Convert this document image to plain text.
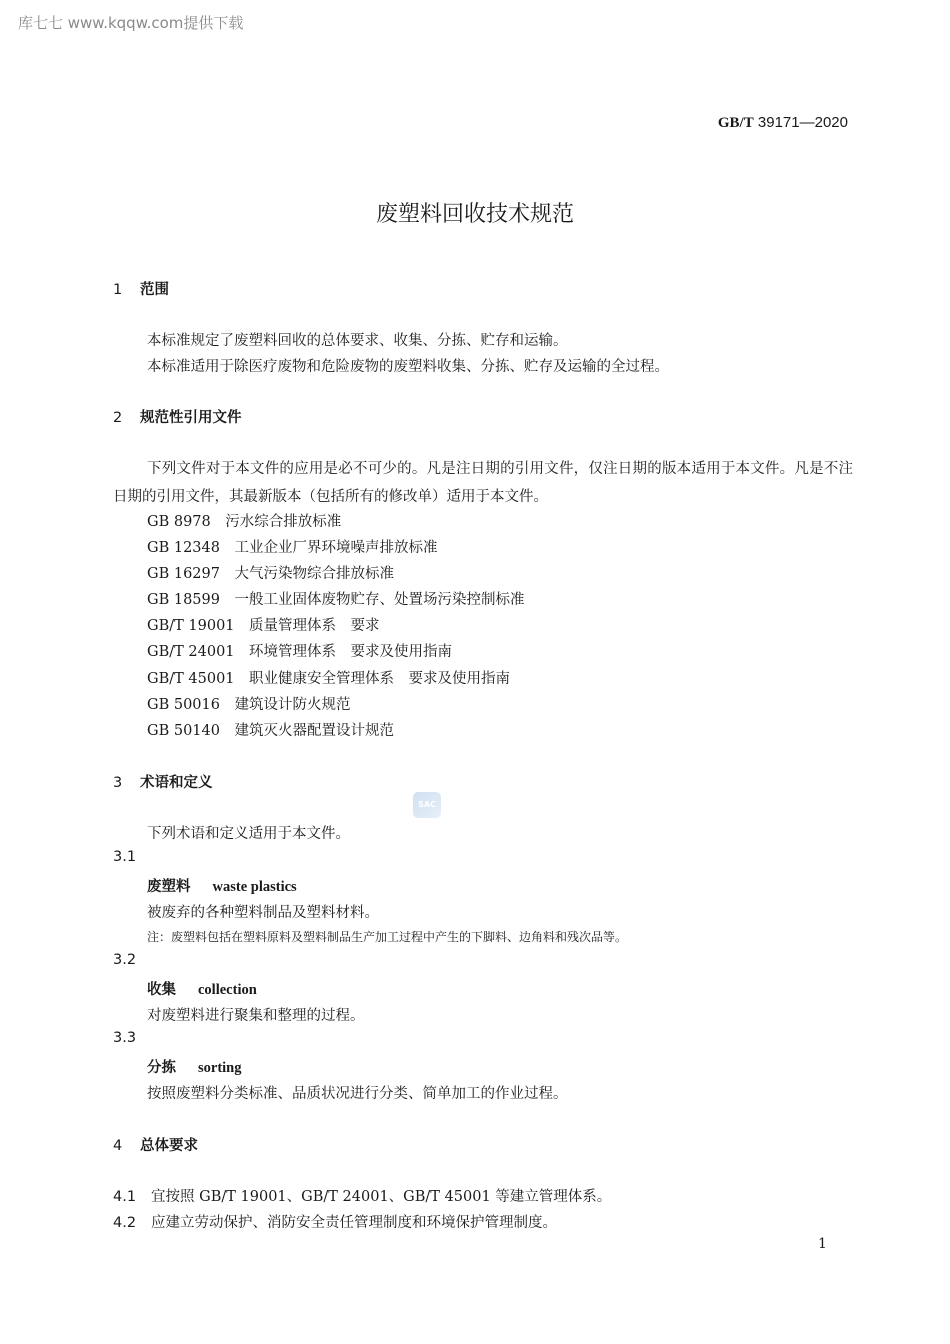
库七七 www.kqqw.com提供下载
GB/T 39171—2020
废塑料回收技术规范
1 范围
本标准规定了废塑料回收的总体要求、收集、分拣、贮存和运输。
本标准适用于除医疗废物和危险废物的废塑料收集、分拣、贮存及运输的全过程。
2 规范性引用文件
下列文件对于本文件的应用是必不可少的。凡是注日期的引用文件，仅注日期的版本适用于本文件。凡是不注日期的引用文件，其最新版本（包括所有的修改单）适用于本文件。
GB 8978　 污水综合排放标准
GB 12348　 工业企业厂界环境噪声排放标准
GB 16297　 大气污染物综合排放标准
GB 18599　 一般工业固体废物贮存、处置场污染控制标准
GB/T 19001　 质量管理体系　要求
GB/T 24001　 环境管理体系　要求及使用指南
GB/T 45001　 职业健康安全管理体系　要求及使用指南
GB 50016　 建筑设计防火规范
GB 50140　 建筑灭火器配置设计规范
3 术语和定义
SAC
下列术语和定义适用于本文件。
3.1
废塑料 waste plastics
被废弃的各种塑料制品及塑料材料。
注：废塑料包括在塑料原料及塑料制品生产加工过程中产生的下脚料、边角料和残次品等。
3.2
收集 collection
对废塑料进行聚集和整理的过程。
3.3
分拣 sorting
按照废塑料分类标准、品质状况进行分类、简单加工的作业过程。
4 总体要求
4.1 宜按照 GB/T 19001、GB/T 24001、GB/T 45001 等建立管理体系。
4.2 应建立劳动保护、消防安全责任管理制度和环境保护管理制度。
1
